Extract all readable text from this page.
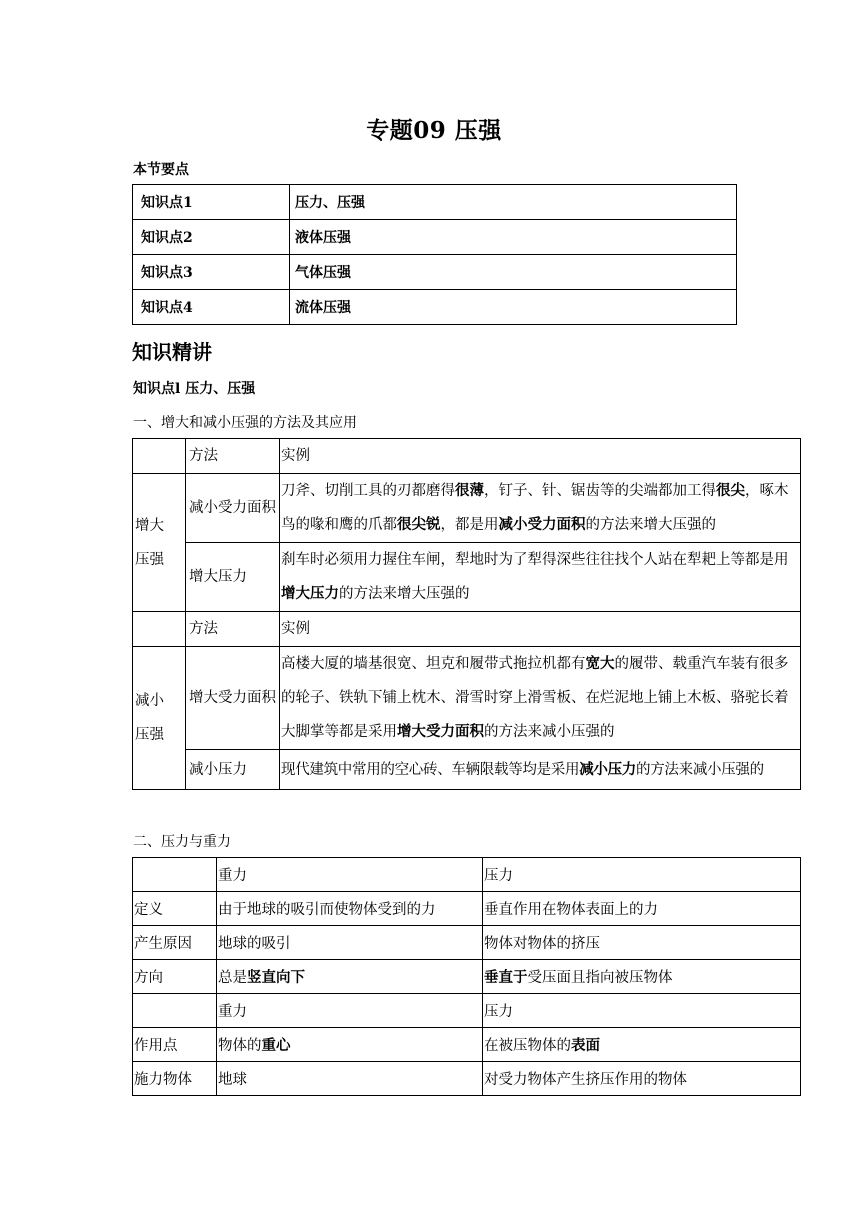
专题09 压强
本节要点
知识点1	压力、压强
知识点2	液体压强
知识点3	气体压强
知识点4	流体压强
知识精讲
知识点l 压力、压强
一、增大和减小压强的方法及其应用
	方法	实例

增大
压强	减小受力面积	刀斧、切削工具的刃都磨得很薄，钉子、针、锯齿等的尖端都加工得很尖，啄木鸟的喙和鹰的爪都很尖锐，都是用减小受力面积的方法来增大压强的
	增大压力	刹车时必须用力握住车闸，犁地时为了犁得深些往往找个人站在犁耙上等都是用增大压力的方法来增大压强的
	方法	实例

减小
压强	增大受力面积	高楼大厦的墙基很宽、坦克和履带式拖拉机都有宽大的履带、载重汽车装有很多的轮子、铁轨下铺上枕木、滑雪时穿上滑雪板、在烂泥地上铺上木板、骆驼长着大脚掌等都是采用增大受力面积的方法来减小压强的
	减小压力	现代建筑中常用的空心砖、车辆限载等均是采用减小压力的方法来减小压强的
二、压力与重力
	重力	压力
定义	由于地球的吸引而使物体受到的力	垂直作用在物体表面上的力
产生原因	地球的吸引	物体对物体的挤压
方向	总是竖直向下	垂直于受压面且指向被压物体
	重力	压力
作用点	物体的重心	在被压物体的表面
施力物体	地球	对受力物体产生挤压作用的物体
